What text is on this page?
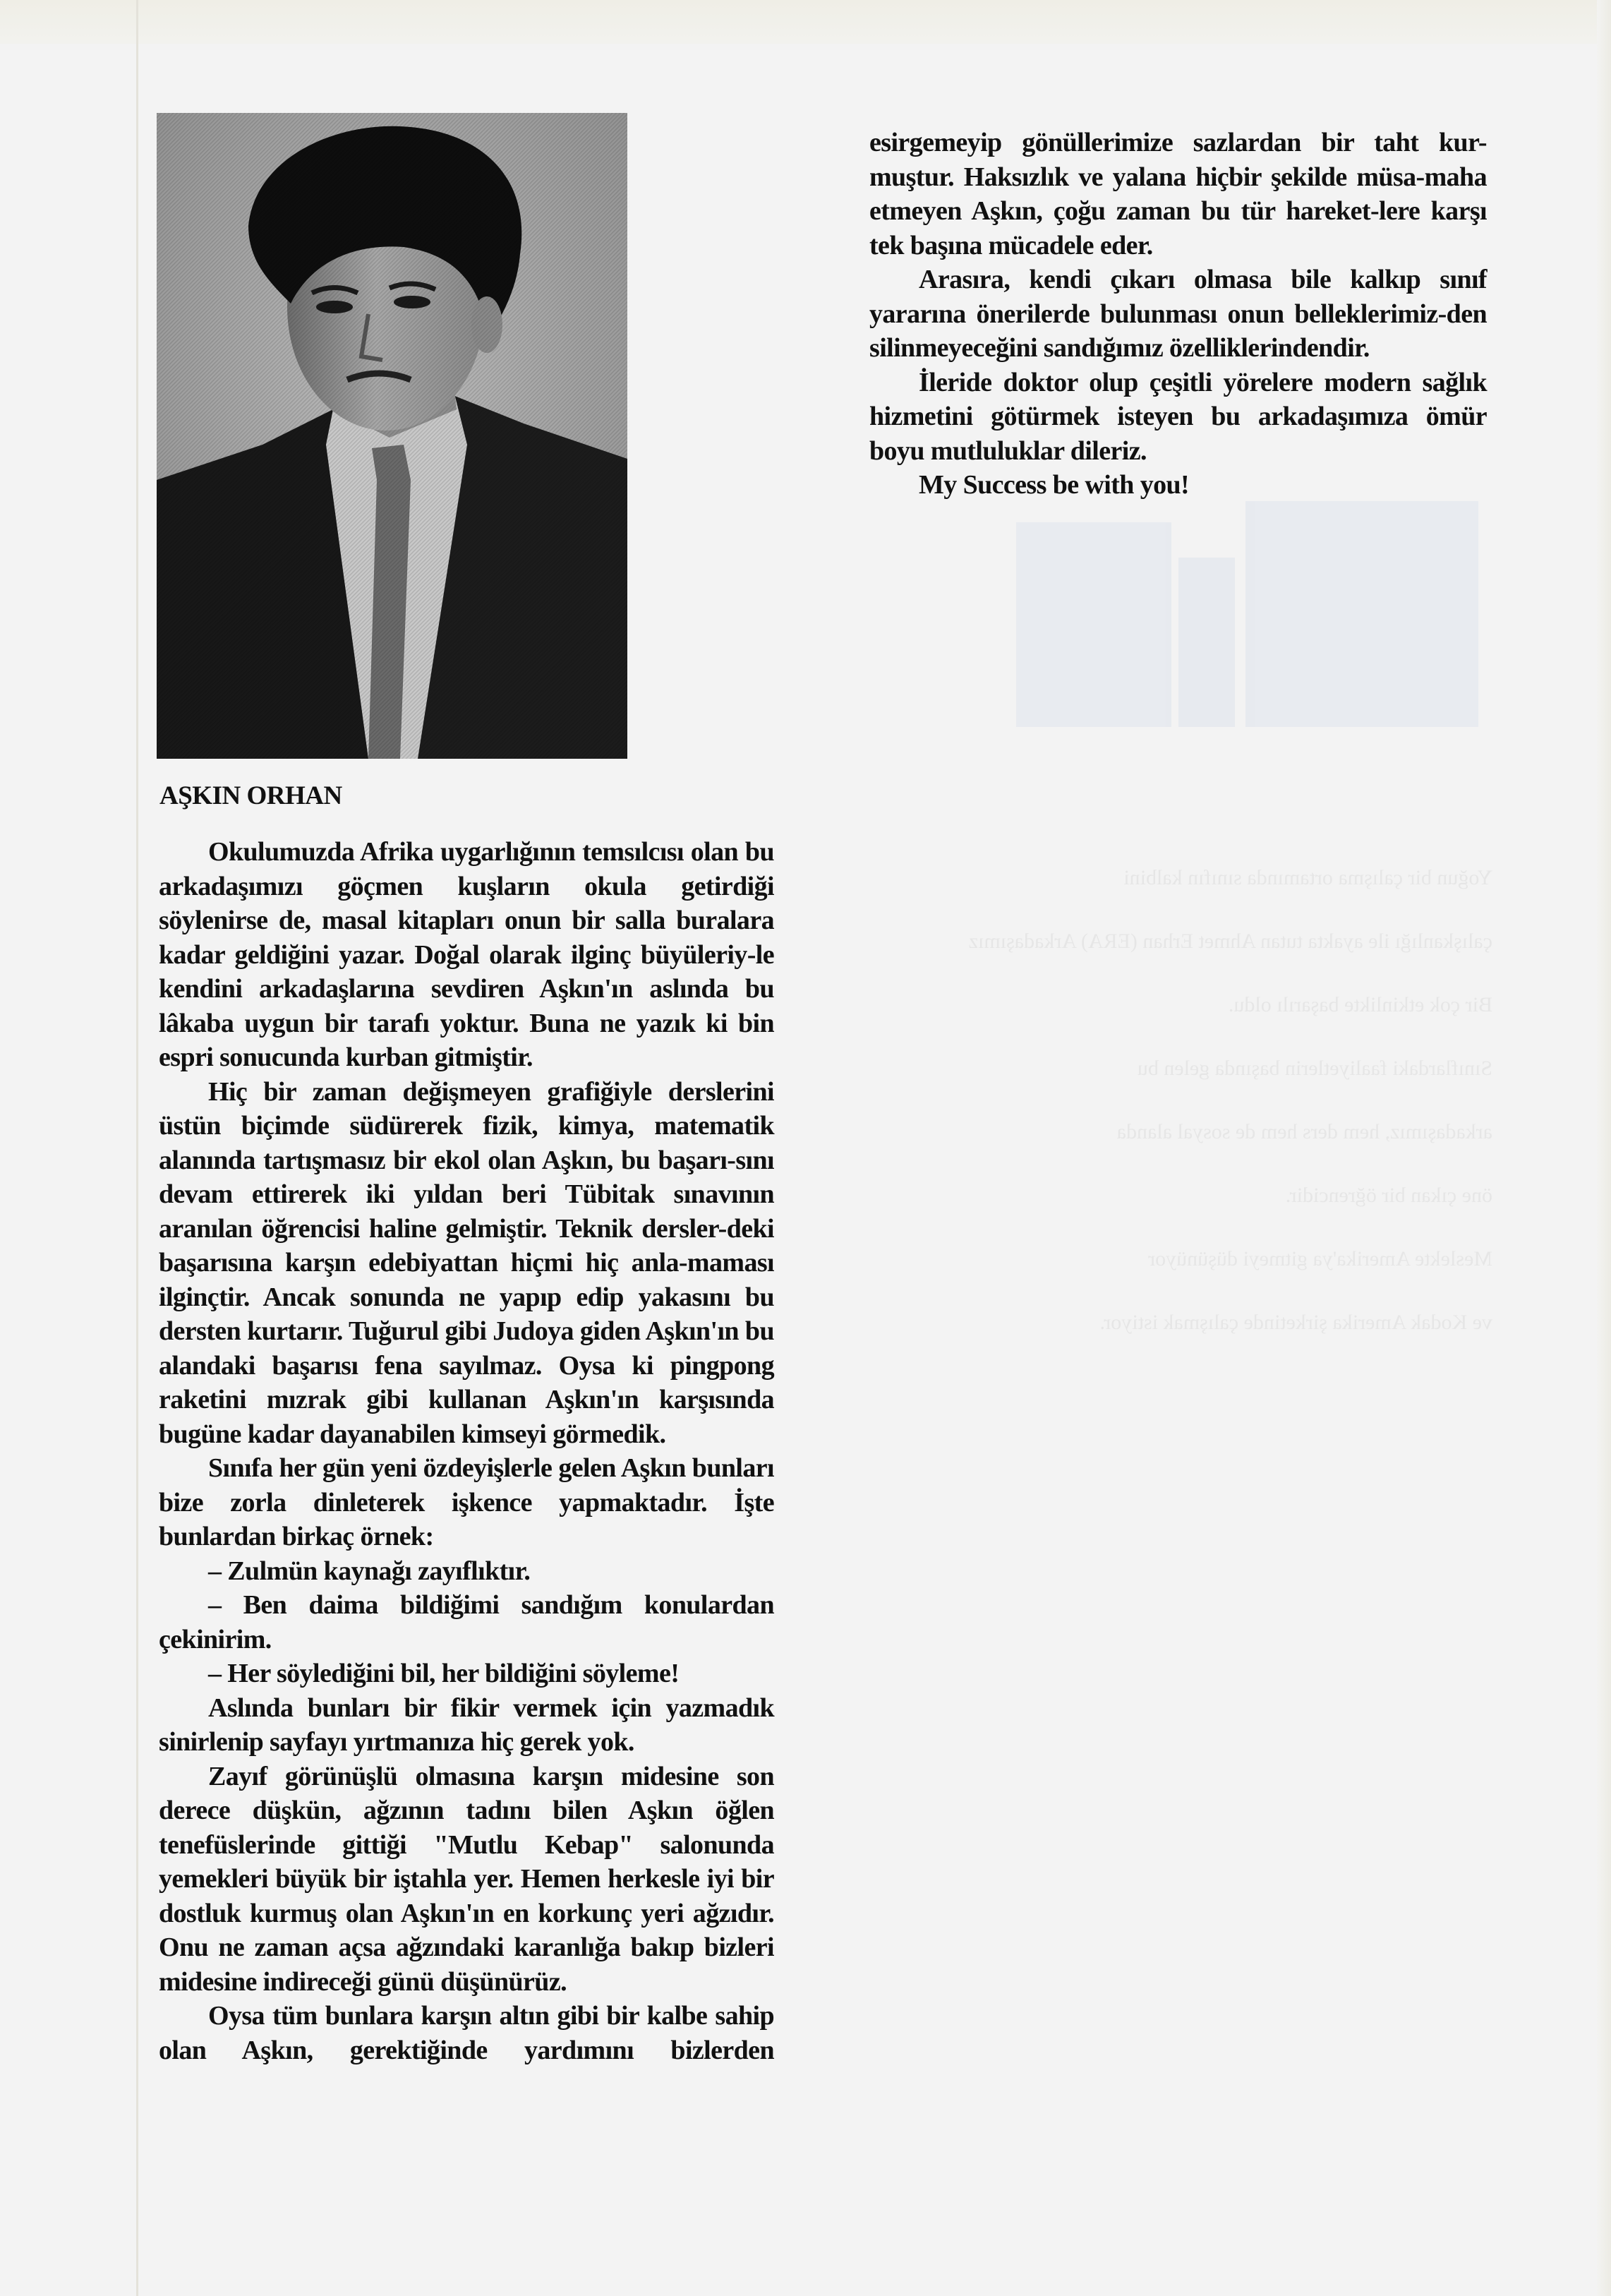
Yoğun bir çalışma ortamında sınıfın kalbini
çalışkanlığı ile ayakta tutan Ahmet Erhan (ERA) Arkadaşımız
Bir çok etkinlikte başarılı oldu.
Sınıflardaki faaliyetlerin başında gelen bu
arkadaşımız, hem ders hem de sosyal alanda
öne çıkan bir öğrencidir.
Meslekte Amerika'ya gitmeyi düşünüyor
ve Kodak Amerika şirketinde çalışmak istiyor.
AŞKIN ORHAN

Okulumuzda Afrika uygarlığının temsılcısı olan bu arkadaşımızı göçmen kuşların okula getirdiği söylenirse de, masal kitapları onun bir salla buralara kadar geldiğini yazar. Doğal olarak ilginç büyüleriy-le kendini arkadaşlarına sevdiren Aşkın'ın aslında bu lâkaba uygun bir tarafı yoktur. Buna ne yazık ki bin espri sonucunda kurban gitmiştir.

Hiç bir zaman değişmeyen grafiğiyle derslerini üstün biçimde südürerek fizik, kimya, matematik alanında tartışmasız bir ekol olan Aşkın, bu başarı-sını devam ettirerek iki yıldan beri Tübitak sınavının aranılan öğrencisi haline gelmiştir. Teknik dersler-deki başarısına karşın edebiyattan hiçmi hiç anla-maması ilginçtir. Ancak sonunda ne yapıp edip yakasını bu dersten kurtarır. Tuğurul gibi Judoya giden Aşkın'ın bu alandaki başarısı fena sayılmaz. Oysa ki pingpong raketini mızrak gibi kullanan Aşkın'ın karşısında bugüne kadar dayanabilen kimseyi görmedik.

Sınıfa her gün yeni özdeyişlerle gelen Aşkın bunları bize zorla dinleterek işkence yapmaktadır. İşte bunlardan birkaç örnek:

– Zulmün kaynağı zayıflıktır.

– Ben daima bildiğimi sandığım konulardan çekinirim.

– Her söylediğini bil, her bildiğini söyleme!

Aslında bunları bir fikir vermek için yazmadık sinirlenip sayfayı yırtmanıza hiç gerek yok.

Zayıf görünüşlü olmasına karşın midesine son derece düşkün, ağzının tadını bilen Aşkın öğlen tenefüslerinde gittiği "Mutlu Kebap" salonunda yemekleri büyük bir iştahla yer. Hemen herkesle iyi bir dostluk kurmuş olan Aşkın'ın en korkunç yeri ağzıdır. Onu ne zaman açsa ağzındaki karanlığa bakıp bizleri midesine indireceği günü düşünürüz.

Oysa tüm bunlara karşın altın gibi bir kalbe sahip olan Aşkın, gerektiğinde yardımını bizlerden

esirgemeyip gönüllerimize sazlardan bir taht kur-muştur. Haksızlık ve yalana hiçbir şekilde müsa-maha etmeyen Aşkın, çoğu zaman bu tür hareket-lere karşı tek başına mücadele eder.

Arasıra, kendi çıkarı olmasa bile kalkıp sınıf yararına önerilerde bulunması onun belleklerimiz-den silinmeyeceğini sandığımız özelliklerindendir.

İleride doktor olup çeşitli yörelere modern sağlık hizmetini götürmek isteyen bu arkadaşımıza ömür boyu mutluluklar dileriz.

My Success be with you!
